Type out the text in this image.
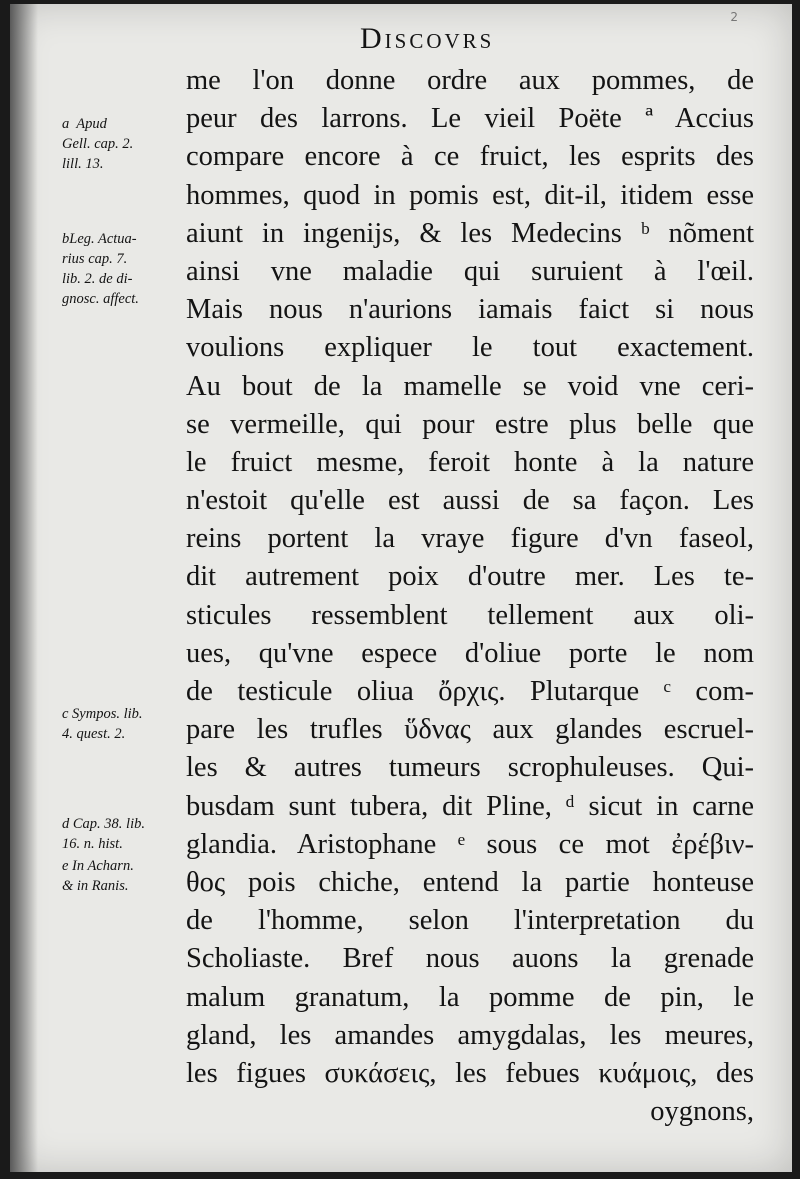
2
Discovrs
a  Apud
Gell. cap. 2.
lill. 13.
bLeg. Actua-
rius cap. 7.
lib. 2. de di-
gnosc. affect.
c Sympos. lib.
4. quest. 2.
d Cap. 38. lib.
16. n. hist.
e In Acharn.
& in Ranis.
me l'on donne ordre aux pommes, de
peur des larrons. Le vieil Poëte ª Accius
compare encore à ce fruict, les esprits des
hommes, quod in pomis est, dit-il, itidem esse
aiunt in ingenijs, & les Medecins ᵇ nõment
ainsi vne maladie qui suruient à l'œil.
Mais nous n'aurions iamais faict si nous
voulions expliquer le tout exactement.
Au bout de la mamelle se void vne ceri-
se vermeille, qui pour estre plus belle que
le fruict mesme, feroit honte à la nature
n'estoit qu'elle est aussi de sa façon. Les
reins portent la vraye figure d'vn faseol,
dit autrement poix d'outre mer. Les te-
sticules ressemblent tellement aux oli-
ues, qu'vne espece d'oliue porte le nom
de testicule oliua ὄρχις. Plutarque ᶜ com-
pare les trufles ὕδνας aux glandes escruel-
les & autres tumeurs scrophuleuses. Qui-
busdam sunt tubera, dit Pline, ᵈ sicut in carne
glandia. Aristophane ᵉ sous ce mot ἐρέβιν-
θος pois chiche, entend la partie honteuse
de l'homme, selon l'interpretation du
Scholiaste. Bref nous auons la grenade
malum granatum, la pomme de pin, le
gland, les amandes amygdalas, les meures,
les figues συκάσεις, les febues κυάμοις, des
oygnons,
